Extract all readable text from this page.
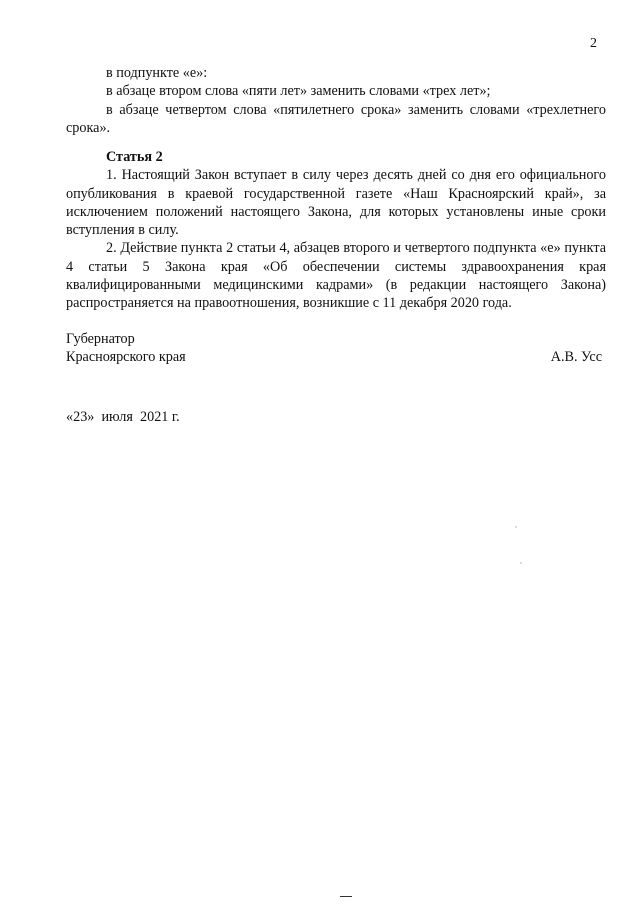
2

в подпункте «е»:

в абзаце втором слова «пяти лет» заменить словами «трех лет»;

в абзаце четвертом слова «пятилетнего срока» заменить словами «трехлетнего срока».

Статья 2

1. Настоящий Закон вступает в силу через десять дней со дня его официального опубликования в краевой государственной газете «Наш Красноярский край», за исключением положений настоящего Закона, для которых установлены иные сроки вступления в силу.

2. Действие пункта 2 статьи 4, абзацев второго и четвертого подпункта «е» пункта 4 статьи 5 Закона края «Об обеспечении системы здравоохранения края квалифицированными медицинскими кадрами» (в редакции настоящего Закона) распространяется на правоотношения, возникшие с 11 декабря 2020 года.

Губернатор
Красноярского края	А.В. Усс
«23»  июля  2021 г.
